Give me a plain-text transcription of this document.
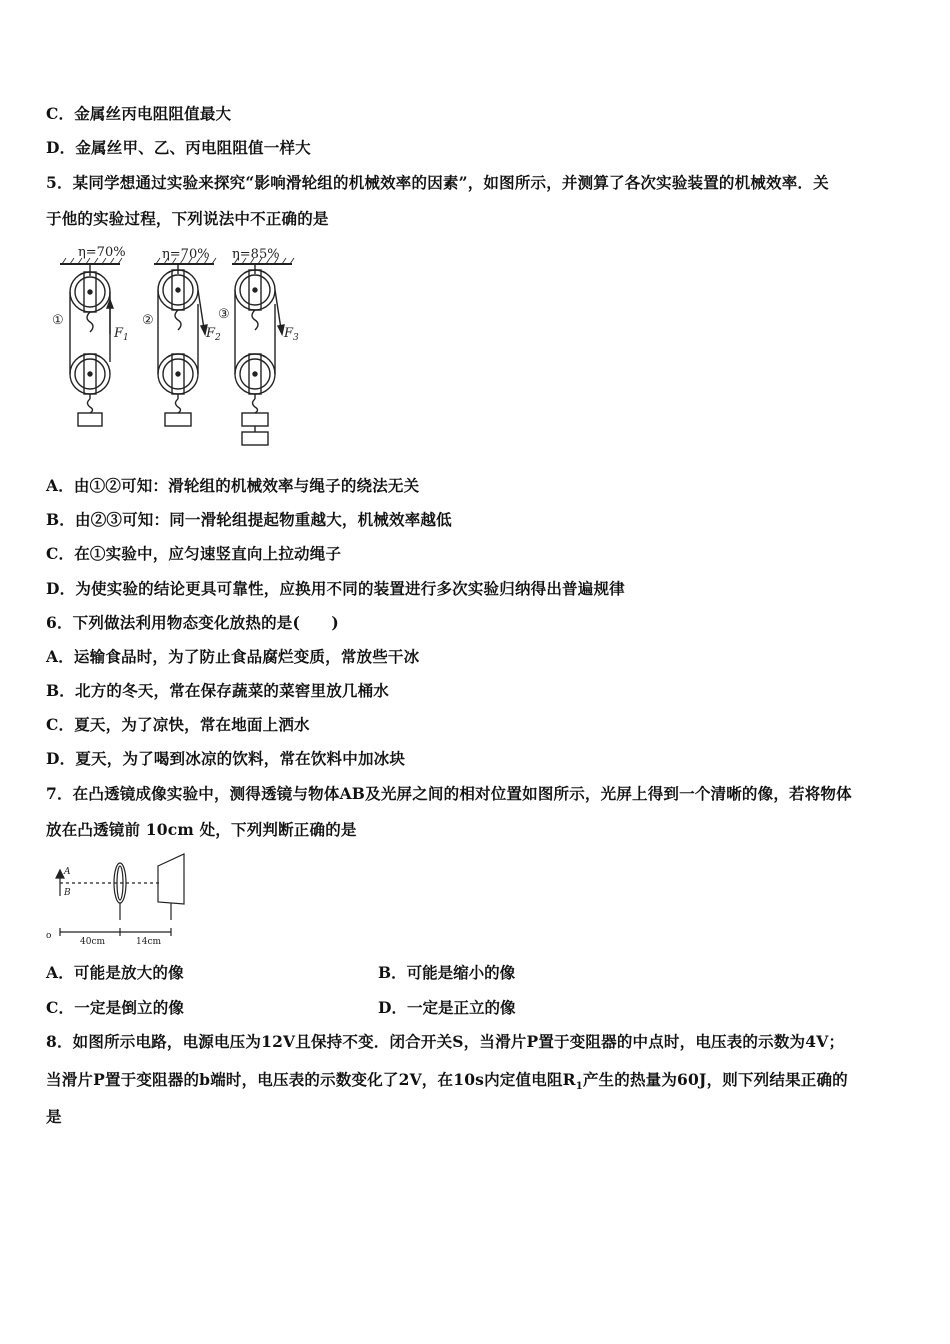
C．金属丝丙电阻阻值最大
D．金属丝甲、乙、丙电阻阻值一样大
5．某同学想通过实验来探究“影响滑轮组的机械效率的因素”，如图所示，并测算了各次实验装置的机械效率．关
于他的实验过程，下列说法中不正确的是
η=70%	η=70% η=85%
①	②	③
$F_1$	$F_2$	$F_3$
A．由①②可知：滑轮组的机械效率与绳子的绕法无关
B．由②③可知：同一滑轮组提起物重越大，机械效率越低
C．在①实验中，应匀速竖直向上拉动绳子
D．为使实验的结论更具可靠性，应换用不同的装置进行多次实验归纳得出普遍规律
6．下列做法利用物态变化放热的是(　　)
A．运输食品时，为了防止食品腐烂变质，常放些干冰
B．北方的冬天，常在保存蔬菜的菜窖里放几桶水
C．夏天，为了凉快，常在地面上洒水
D．夏天，为了喝到冰凉的饮料，常在饮料中加冰块
7．在凸透镜成像实验中，测得透镜与物体AB及光屏之间的相对位置如图所示，光屏上得到一个清晰的像，若将物体
放在凸透镜前 10cm 处，下列判断正确的是
A
B
40cm	14cm
o
A．可能是放大的像	B．可能是缩小的像
C．一定是倒立的像	D．一定是正立的像
8．如图所示电路，电源电压为12V且保持不变．闭合开关S，当滑片P置于变阻器的中点时，电压表的示数为4V；
当滑片P置于变阻器的b端时，电压表的示数变化了2V，在10s内定值电阻$R_1$产生的热量为60J，则下列结果正确的
是
